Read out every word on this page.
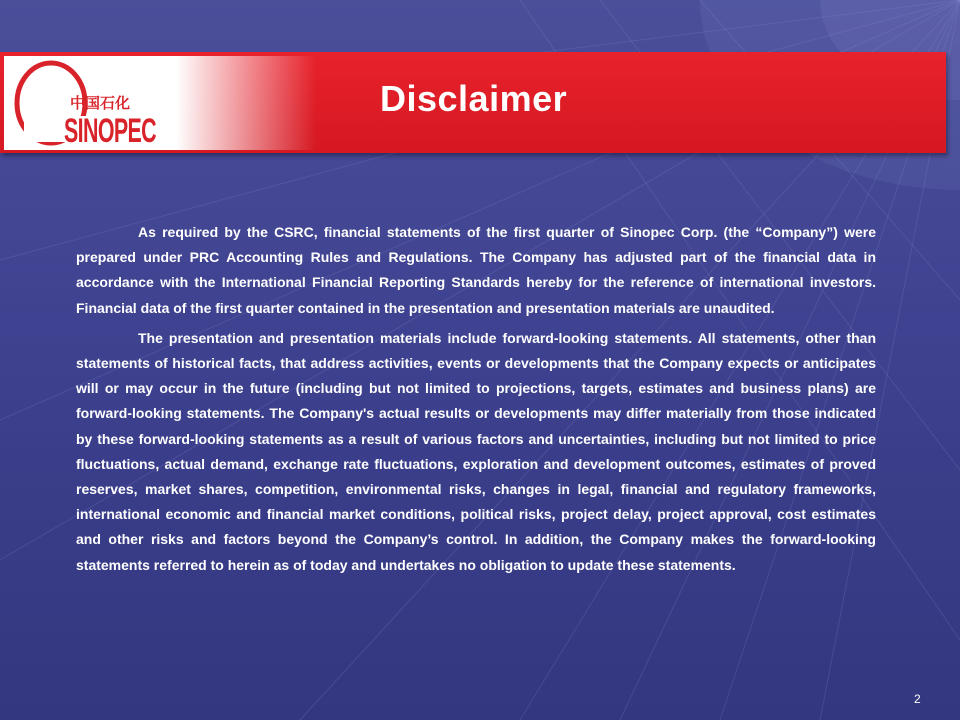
中国石化
SINOPEC
Disclaimer

As required by the CSRC, financial statements of the first quarter of Sinopec Corp. (the “Company”) were prepared under PRC Accounting Rules and Regulations. The Company has adjusted part of the financial data in accordance with the International Financial Reporting Standards hereby for the reference of international investors. Financial data of the first quarter contained in the presentation and presentation materials are unaudited.

The presentation and presentation materials include forward-looking statements. All statements, other than statements of historical facts, that address activities, events or developments that the Company expects or anticipates will or may occur in the future (including but not limited to projections, targets, estimates and business plans) are forward-looking statements. The Company's actual results or developments may differ materially from those indicated by these forward-looking statements as a result of various factors and uncertainties, including but not limited to price fluctuations, actual demand, exchange rate fluctuations, exploration and development outcomes, estimates of proved reserves, market shares, competition, environmental risks, changes in legal, financial and regulatory frameworks, international economic and financial market conditions, political risks, project delay, project approval, cost estimates and other risks and factors beyond the Company’s control. In addition, the Company makes the forward-looking statements referred to herein as of today and undertakes no obligation to update these statements.

2
